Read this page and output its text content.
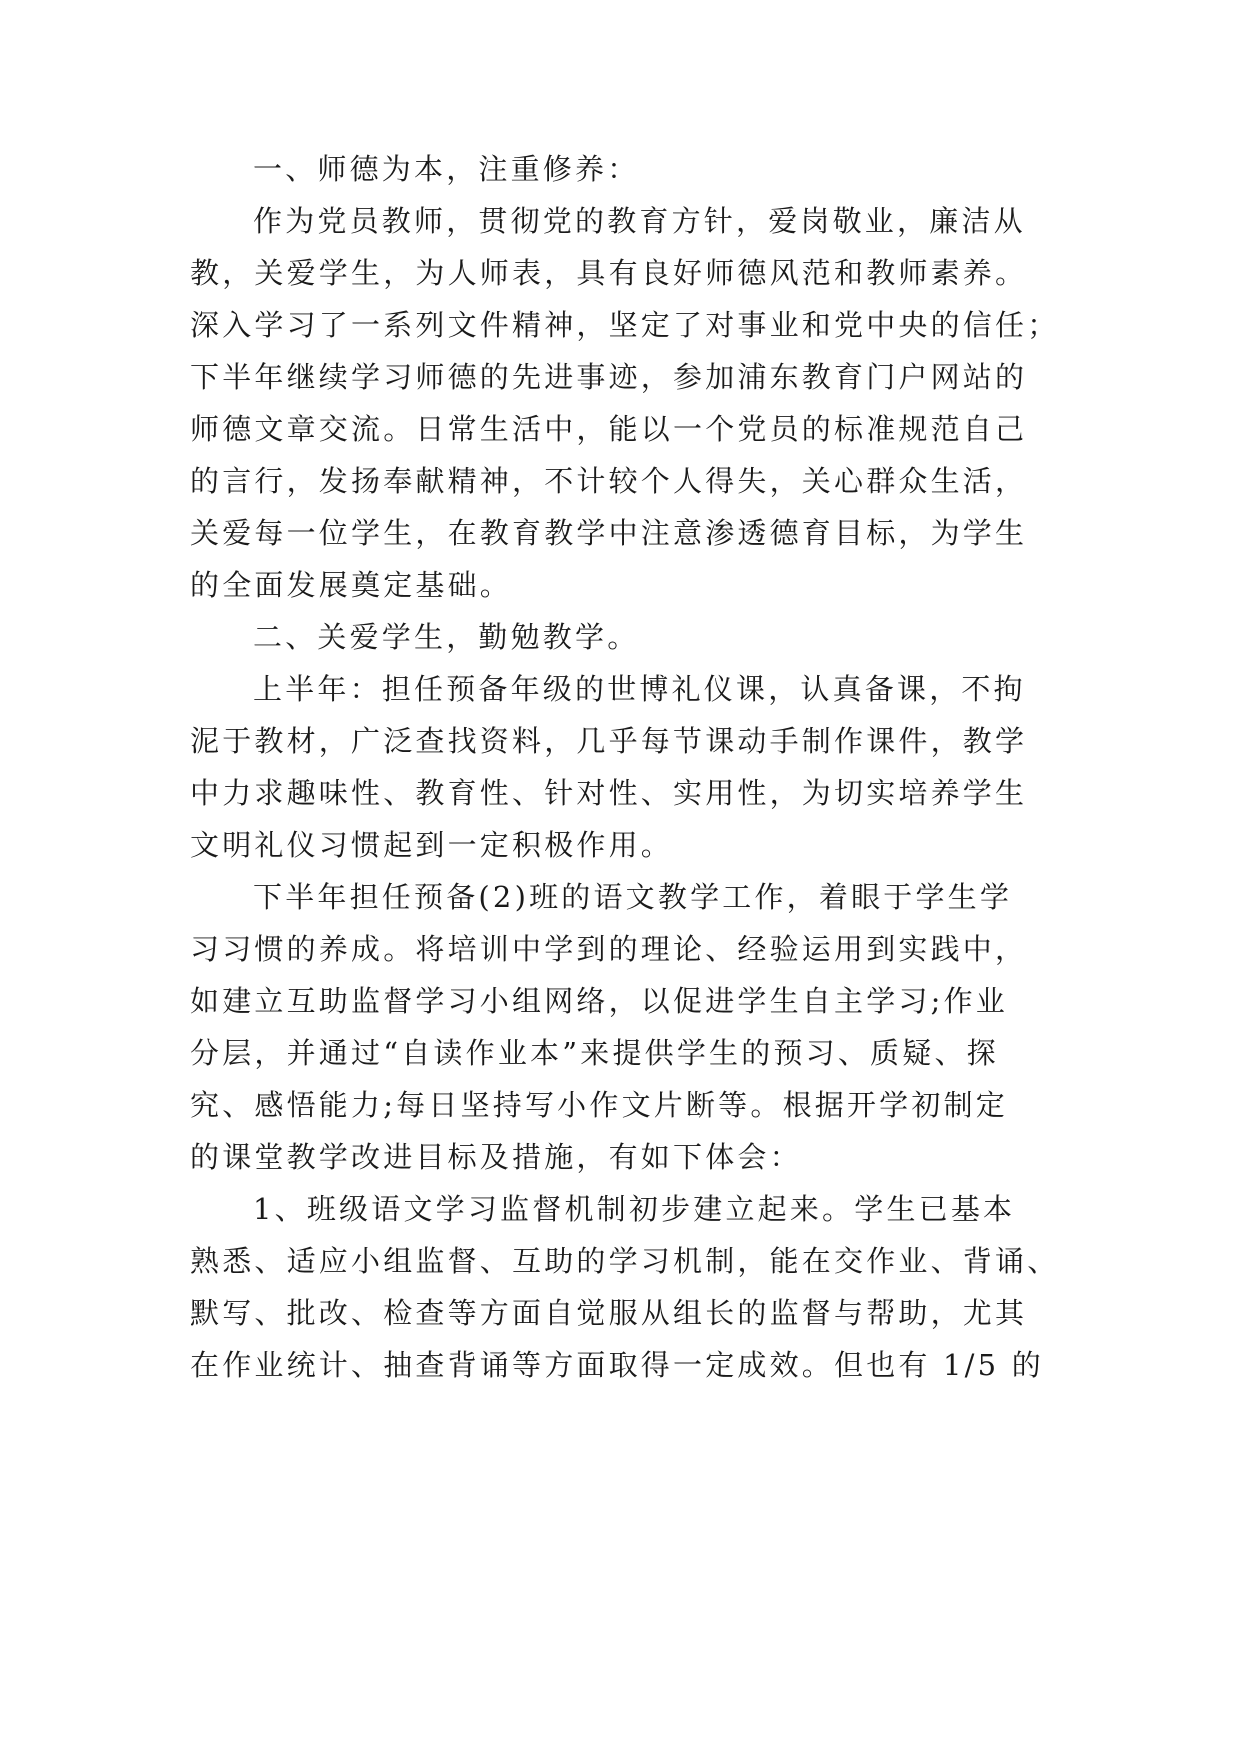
一、师德为本，注重修养：
作为党员教师，贯彻党的教育方针，爱岗敬业，廉洁从
教，关爱学生，为人师表，具有良好师德风范和教师素养。
深入学习了一系列文件精神，坚定了对事业和党中央的信任；
下半年继续学习师德的先进事迹，参加浦东教育门户网站的
师德文章交流。日常生活中，能以一个党员的标准规范自己
的言行，发扬奉献精神，不计较个人得失，关心群众生活，
关爱每一位学生，在教育教学中注意渗透德育目标，为学生
的全面发展奠定基础。
二、关爱学生，勤勉教学。
上半年：担任预备年级的世博礼仪课，认真备课，不拘
泥于教材，广泛查找资料，几乎每节课动手制作课件，教学
中力求趣味性、教育性、针对性、实用性，为切实培养学生
文明礼仪习惯起到一定积极作用。
下半年担任预备(2)班的语文教学工作，着眼于学生学
习习惯的养成。将培训中学到的理论、经验运用到实践中，
如建立互助监督学习小组网络，以促进学生自主学习;作业
分层，并通过“自读作业本”来提供学生的预习、质疑、探
究、感悟能力;每日坚持写小作文片断等。根据开学初制定
的课堂教学改进目标及措施，有如下体会：
1、班级语文学习监督机制初步建立起来。学生已基本
熟悉、适应小组监督、互助的学习机制，能在交作业、背诵、
默写、批改、检查等方面自觉服从组长的监督与帮助，尤其
在作业统计、抽查背诵等方面取得一定成效。但也有 1/5 的
